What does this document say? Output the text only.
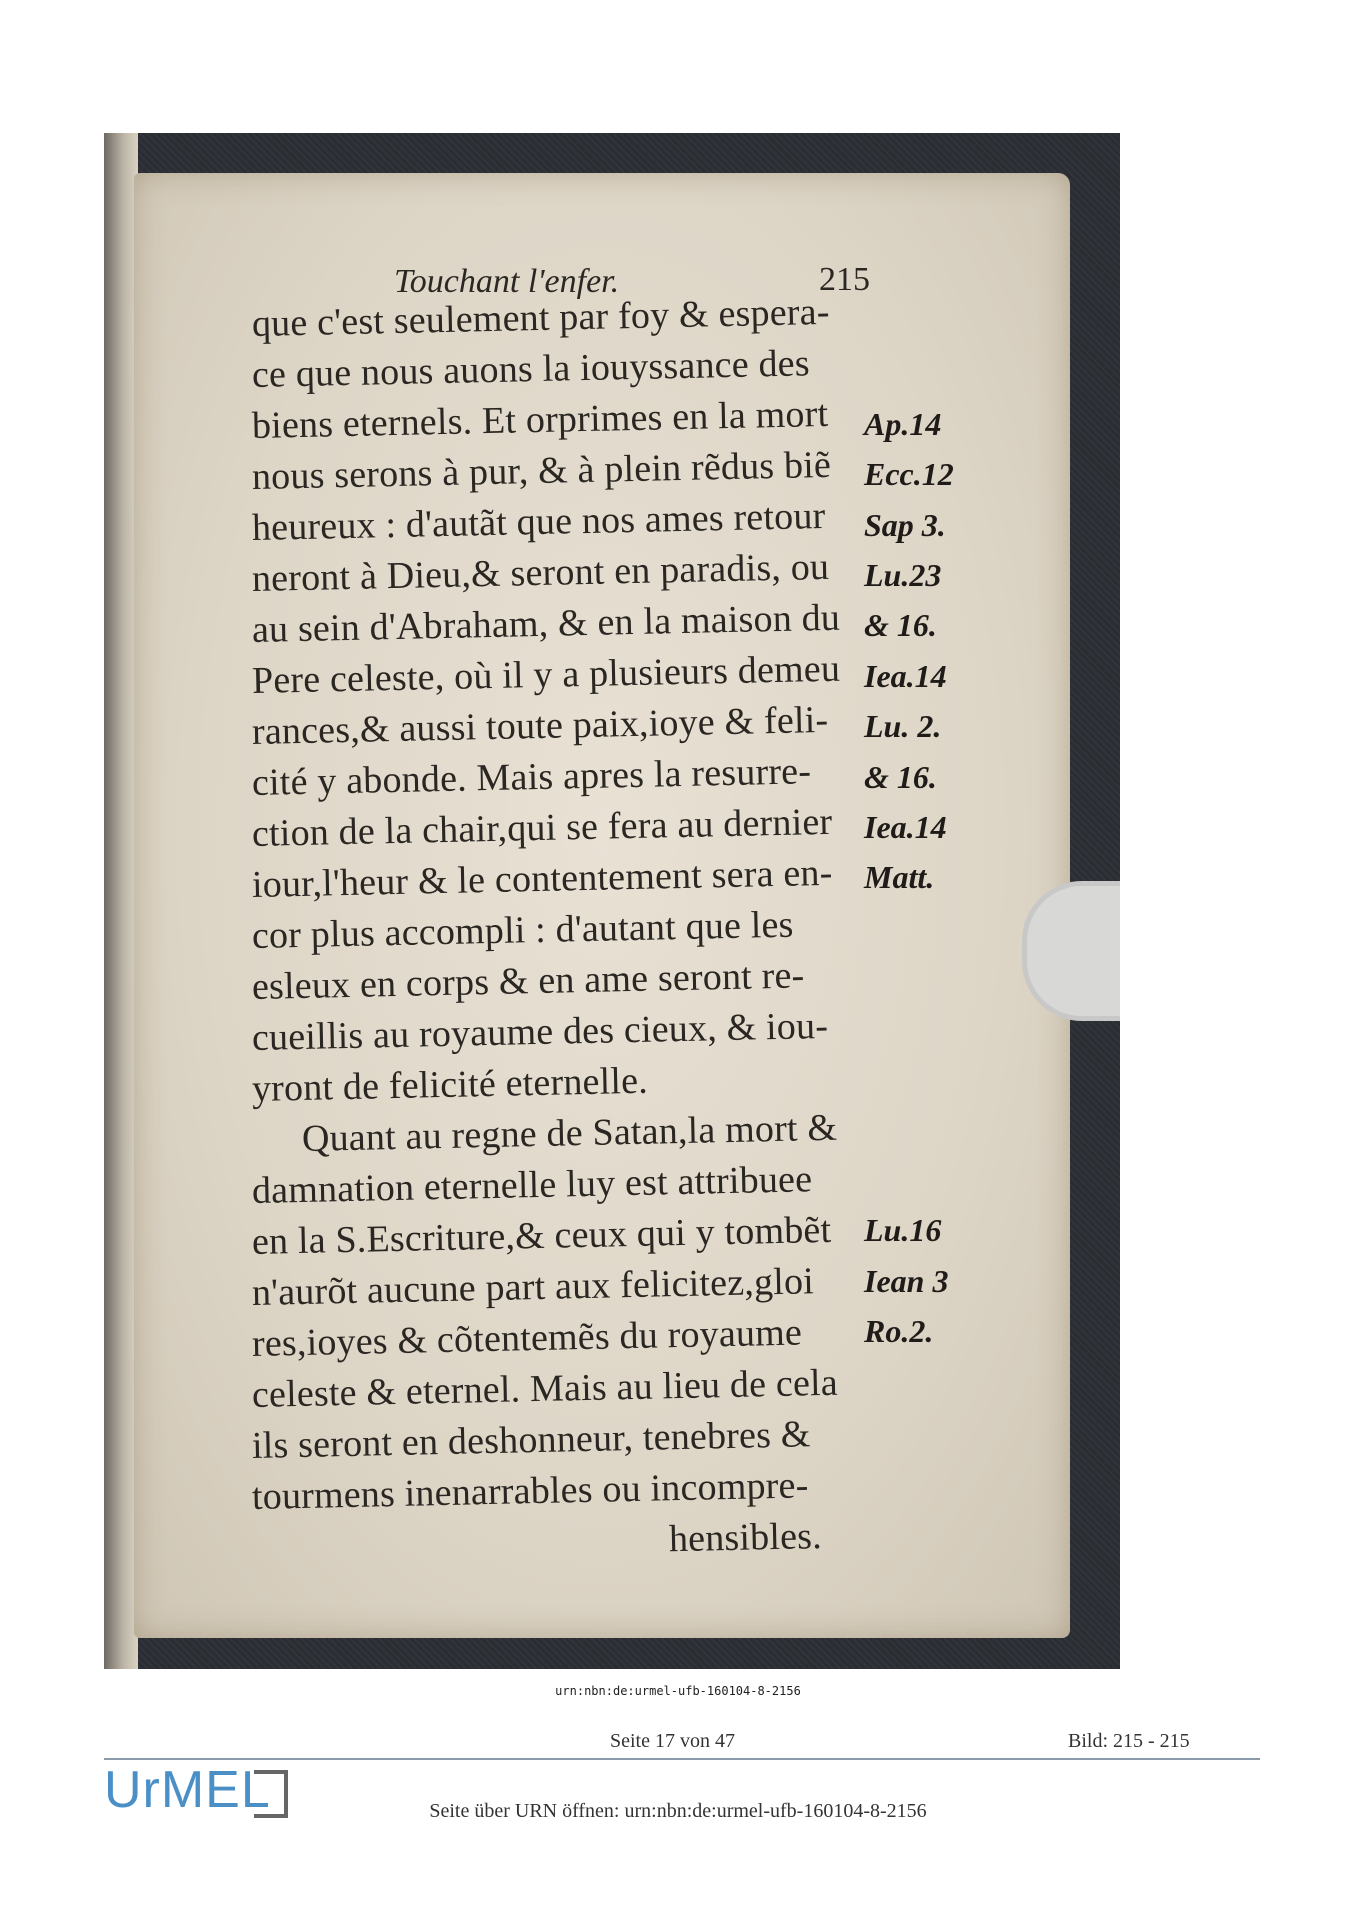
Touchant l'enfer.	215
que c'est seulement par foy & espera-
ce que nous auons la iouyssance des
biens eternels. Et orprimes en la mort
nous serons à pur, & à plein rẽdus biẽ
heureux : d'autãt que nos ames retour
neront à Dieu,& seront en paradis, ou
au sein d'Abraham, & en la maison du
Pere celeste, où il y a plusieurs demeu
rances,& aussi toute paix,ioye & feli-
cité y abonde. Mais apres la resurre-
ction de la chair,qui se fera au dernier
iour,l'heur & le contentement sera en-
cor plus accompli : d'autant que les
esleux en corps & en ame seront re-
cueillis au royaume des cieux, & iou-
yront de felicité eternelle.
Quant au regne de Satan,la mort &
damnation eternelle luy est attribuee
en la S.Escriture,& ceux qui y tombẽt
n'aurõt aucune part aux felicitez,gloi
res,ioyes & cõtentemẽs du royaume
celeste & eternel. Mais au lieu de cela
ils seront en deshonneur, tenebres &
tourmens inenarrables ou incompre-
hensibles.
Ap.14
Ecc.12
Sap 3.
Lu.23
& 16.
Iea.14
Lu. 2.
& 16.
Iea.14
Matt.
Lu.16
Iean 3
Ro.2.
urn:nbn:de:urmel-ufb-160104-8-2156
Seite 17 von 47	Bild: 215 - 215
UrMEL	Seite über URN öffnen: urn:nbn:de:urmel-ufb-160104-8-2156
